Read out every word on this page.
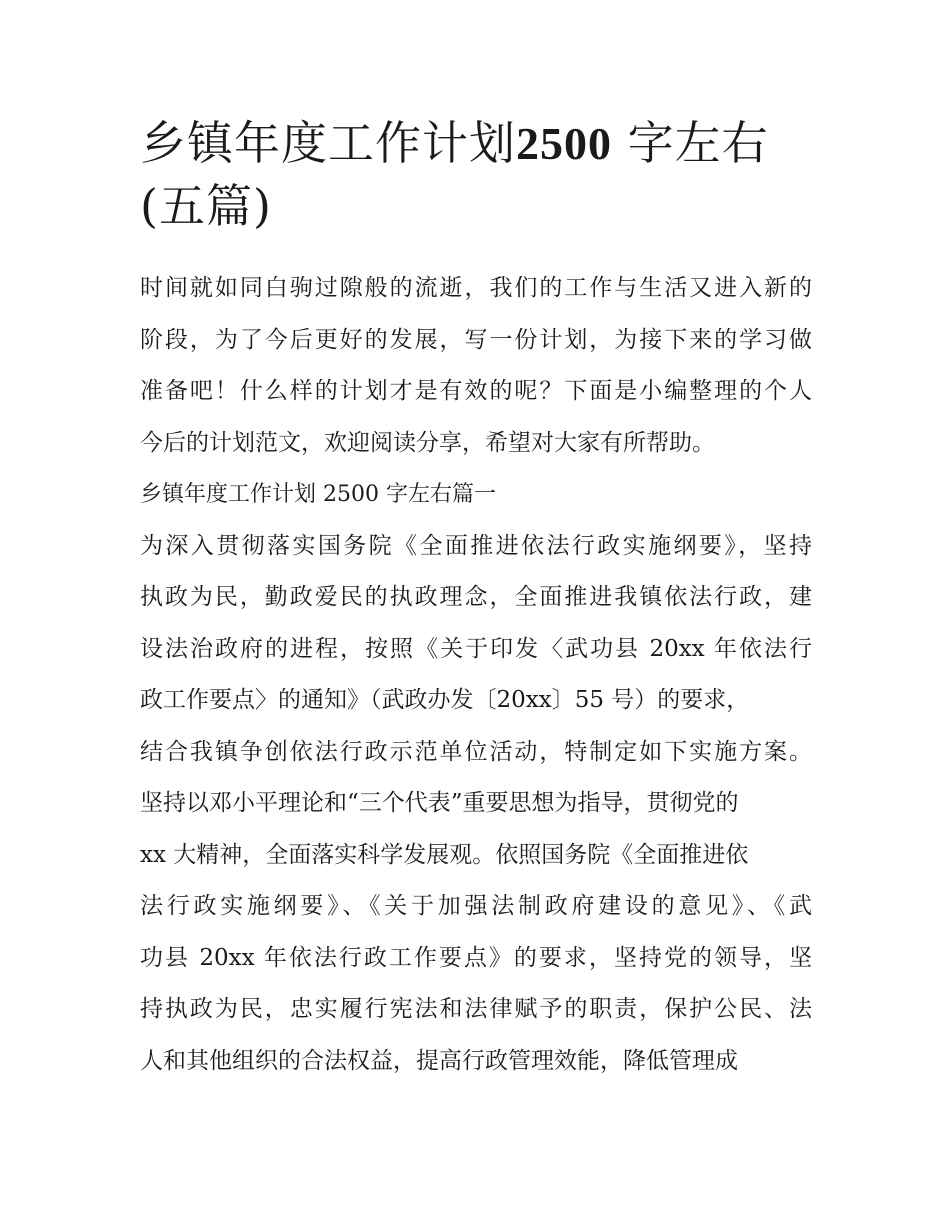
乡镇年度工作计划2500 字左右
(五篇)
时间就如同白驹过隙般的流逝，我们的工作与生活又进入新的
阶段，为了今后更好的发展，写一份计划，为接下来的学习做
准备吧！什么样的计划才是有效的呢？下面是小编整理的个人
今后的计划范文，欢迎阅读分享，希望对大家有所帮助。
乡镇年度工作计划 2500 字左右篇一
为深入贯彻落实国务院《全面推进依法行政实施纲要》，坚持
执政为民，勤政爱民的执政理念，全面推进我镇依法行政，建
设法治政府的进程，按照《关于印发〈武功县 20xx 年依法行
政工作要点〉的通知》（武政办发〔20xx〕55 号）的要求，
结合我镇争创依法行政示范单位活动，特制定如下实施方案。
坚持以邓小平理论和“三个代表”重要思想为指导，贯彻党的
xx 大精神，全面落实科学发展观。依照国务院《全面推进依
法行政实施纲要》、《关于加强法制政府建设的意见》、《武
功县 20xx 年依法行政工作要点》的要求，坚持党的领导，坚
持执政为民，忠实履行宪法和法律赋予的职责，保护公民、法
人和其他组织的合法权益，提高行政管理效能，降低管理成
